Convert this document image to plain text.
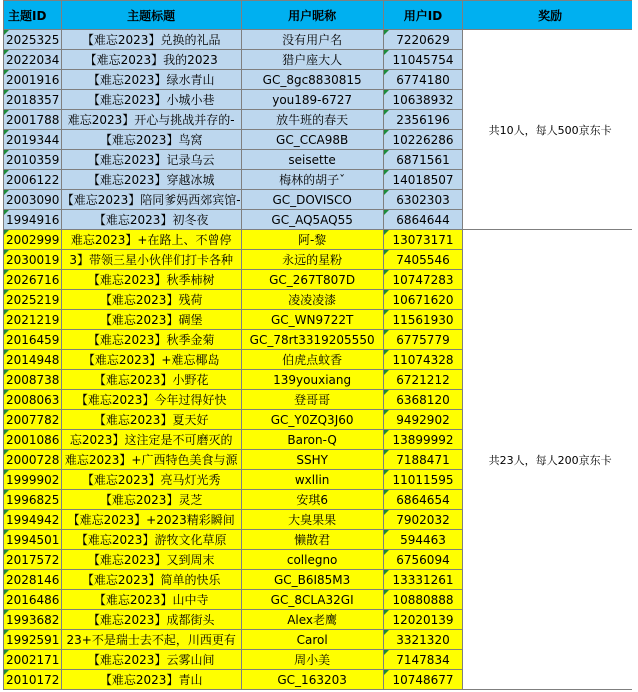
主题ID	主题标题	用户昵称	用户ID	奖励

2025325	【难忘2023】兑换的礼品	没有用户名	7220629	共10人，每人500京东卡

2022034	【难忘2023】我的2023	猎户座大人	11045754	

2001916	【难忘2023】绿水青山	GC_8gc8830815	6774180	

2018357	【难忘2023】小城小巷	you189-6727	10638932	

2001788	难忘2023】开心与挑战并存的-	放牛班的春天	2356196	

2019344	【难忘2023】鸟窝	GC_CCA98B	10226286	

2010359	【难忘2023】记录乌云	seisette	6871561	

2006122	【难忘2023】穿越冰城	梅林的胡子ˇ	14018507	

2003090	【难忘2023】陪同爹妈西郊宾馆-	GC_DOVISCO	6302303	

1994916	【难忘2023】初冬夜	GC_AQ5AQ55	6864644	

2002999	难忘2023】+在路上、不曾停	阿-黎	13073171	共23人，每人200京东卡

2030019	3】带领三星小伙伴们打卡各种	永远的星粉	7405546	

2026716	【难忘2023】秋季柿树	GC_267T807D	10747283	

2025219	【难忘2023】残荷	凌凌凌漆	10671620	

2021219	【难忘2023】碉堡	GC_WN9722T	11561930	

2016459	【难忘2023】秋季金菊	GC_78rt3319205550	6775779	

2014948	【难忘2023】+难忘椰岛	伯虎点蚊香	11074328	

2008738	【难忘2023】小野花	139youxiang	6721212	

2008063	【难忘2023】今年过得好快	登哥哥	6368120	

2007782	【难忘2023】夏天好	GC_Y0ZQ3J60	9492902	

2001086	忘2023】这注定是不可磨灭的	Baron-Q	13899992	

2000728	难忘2023】+广西特色美食与源	SSHY	7188471	

1999902	【难忘2023】亮马灯光秀	wxllin	11011595	

1996825	【难忘2023】灵芝	安琪6	6864654	

1994942	【难忘2023】+2023精彩瞬间	大臭果果	7902032	

1994501	【难忘2023】游牧文化草原	懒散君	594463	

2017572	【难忘2023】又到周末	collegno	6756094	

2028146	【难忘2023】简单的快乐	GC_B6I85M3	13331261	

2016486	【难忘2023】山中寺	GC_8CLA32GI	10880888	

1993682	【难忘2023】成都街头	Alex老鹰	12020139	

1992591	23+不是瑞士去不起，川西更有	Carol	3321320	

2002171	【难忘2023】云雾山间	周小美	7147834	

2010172	【难忘2023】青山	GC_163203	10748677	
